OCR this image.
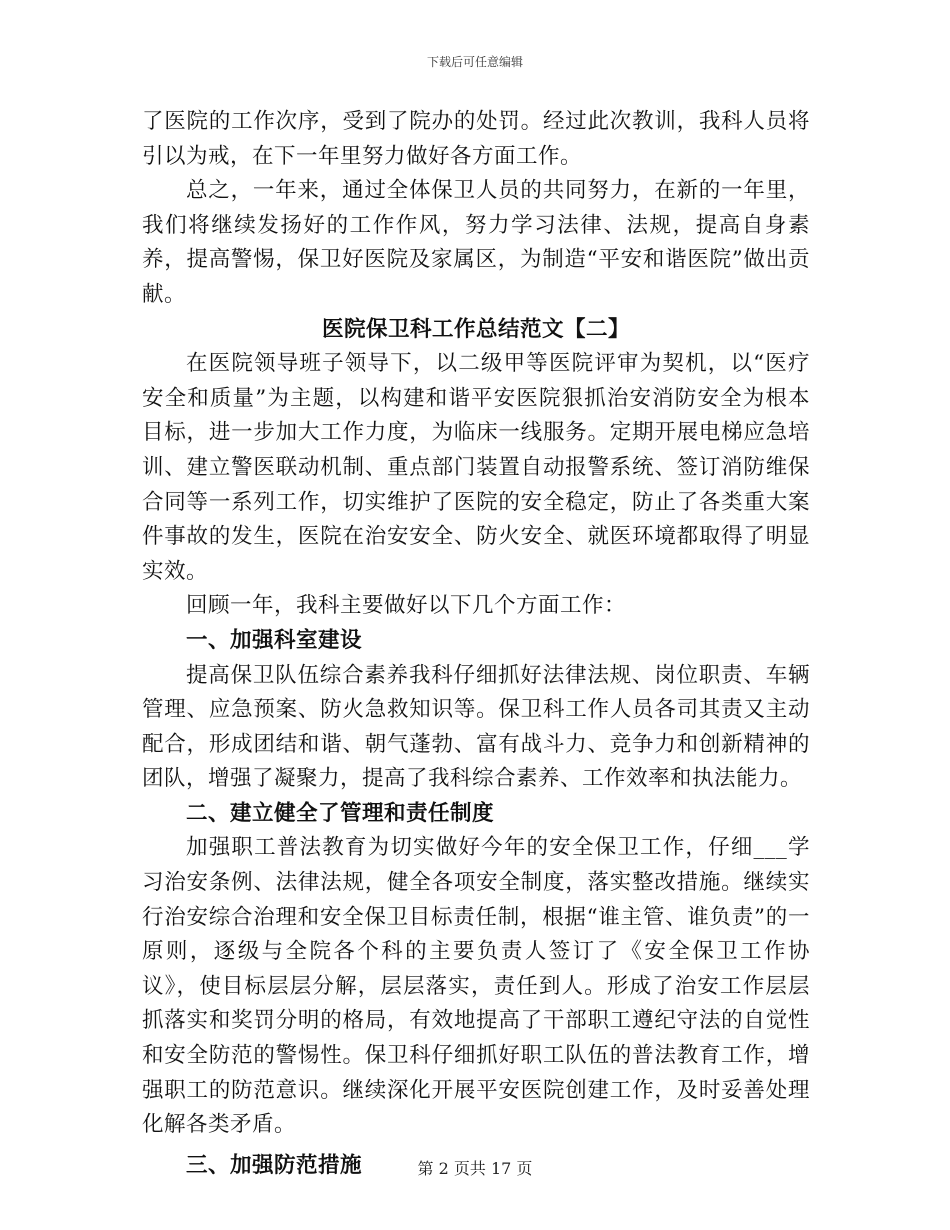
下载后可任意编辑

了医院的工作次序，受到了院办的处罚。经过此次教训，我科人员将引以为戒，在下一年里努力做好各方面工作。

总之，一年来，通过全体保卫人员的共同努力，在新的一年里，我们将继续发扬好的工作作风，努力学习法律、法规，提高自身素养，提高警惕，保卫好医院及家属区，为制造“平安和谐医院”做出贡献。

医院保卫科工作总结范文【二】

在医院领导班子领导下，以二级甲等医院评审为契机，以“医疗安全和质量”为主题，以构建和谐平安医院狠抓治安消防安全为根本目标，进一步加大工作力度，为临床一线服务。定期开展电梯应急培训、建立警医联动机制、重点部门装置自动报警系统、签订消防维保合同等一系列工作，切实维护了医院的安全稳定，防止了各类重大案件事故的发生，医院在治安安全、防火安全、就医环境都取得了明显实效。

回顾一年，我科主要做好以下几个方面工作：

一、加强科室建设

提高保卫队伍综合素养我科仔细抓好法律法规、岗位职责、车辆管理、应急预案、防火急救知识等。保卫科工作人员各司其责又主动配合，形成团结和谐、朝气蓬勃、富有战斗力、竞争力和创新精神的团队，增强了凝聚力，提高了我科综合素养、工作效率和执法能力。

二、建立健全了管理和责任制度

加强职工普法教育为切实做好今年的安全保卫工作，仔细___学习治安条例、法律法规，健全各项安全制度，落实整改措施。继续实行治安综合治理和安全保卫目标责任制，根据“谁主管、谁负责”的一原则，逐级与全院各个科的主要负责人签订了《安全保卫工作协议》，使目标层层分解，层层落实，责任到人。形成了治安工作层层抓落实和奖罚分明的格局，有效地提高了干部职工遵纪守法的自觉性和安全防范的警惕性。保卫科仔细抓好职工队伍的普法教育工作，增强职工的防范意识。继续深化开展平安医院创建工作，及时妥善处理化解各类矛盾。

三、加强防范措施	第 2 页共 17 页
